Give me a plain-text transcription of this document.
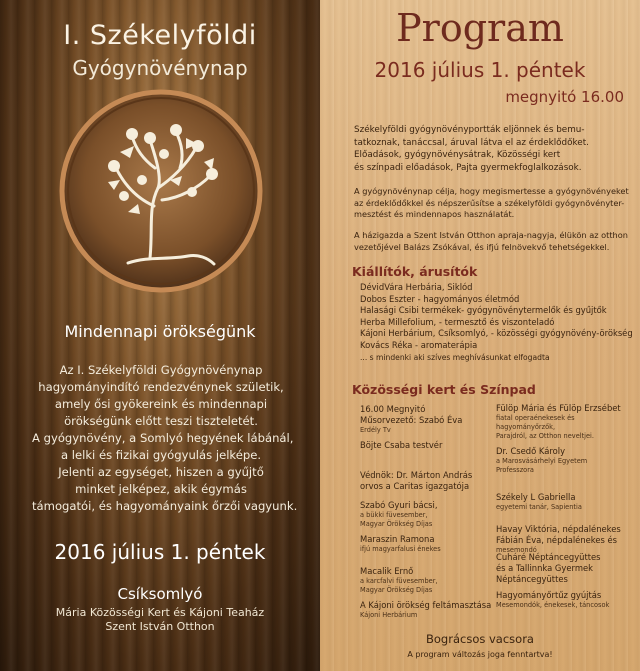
I. Székelyföldi
Gyógynövénynap
Mindennapi örökségünk
Az I. Székelyföldi Gyógynövénynap
hagyományindító rendezvénynek születik,
amely ősi gyökereink és mindennapi
örökségünk előtt teszi tiszteletét.
A gyógynövény, a Somlyó hegyének lábánál,
a lelki és fizikai gyógyulás jelképe.
Jelenti az egységet, hiszen a gyűjtő
minket jelképez, akik égymás
támogatói, és hagyományaink őrzői vagyunk.
2016 július 1. péntek
Csíksomlyó
Mária Közösségi Kert és Kájoni Teaház
Szent István Otthon
Program
2016 július 1. péntek
megnyitó 16.00
Székelyföldi gyógynövényportták eljönnek és bemu-
tatkoznak, tanáccsal, áruval látva el az érdeklődőket.
Előadások, gyógynövénysátrak, Közösségi kert
és színpadi előadások, Pajta gyermekfoglalkozások.
A gyógynövénynap célja, hogy megismertesse a gyógynövényeket
az érdeklődőkkel és népszerűsítse a székelyföldi gyógynövényter-
mesztést és mindennapos használatát.
A házigazda a Szent István Otthon apraja-nagyja, élükön az otthon
vezetőjével Balázs Zsókával, és ifjú felnövekvő tehetségekkel.
Kiállítók, árusítók
DévidVára Herbária, Siklód
Dobos Eszter - hagyományos életmód
Halasági Csibi termékek- gyógynövénytermelők és gyűjtők
Herba Millefolium, - termesztő és viszonteladó
Kájoni Herbárium, Csíksomlyó, - közösségi gyógynövény-örökség
Kovács Réka - aromaterápia
... s mindenki aki szíves meghívásunkat elfogadta
Közösségi kert és Színpad
16.00 Megnyitó
Műsorvezető: Szabó Éva
Erdély Tv
Böjte Csaba testvér
Védnök: Dr. Márton András
orvos a Caritas igazgatója
Szabó Gyuri bácsi,
a bükki füvesember,
Magyar Örökség Díjas
Maraszin Ramona
ifjú magyarfalusi énekes
Macalik Ernő
a karcfalvi füvesember,
Magyar Örökség Díjas
A Kájoni örökség feltámasztása
Kájoni Herbárium
Fülöp Mária és Fülöp Erzsébet
fiatal operaénekesek és
hagyományőrzők,
Parajdról, az Otthon neveltjei.
Dr. Csedő Károly
a Marosvásárhelyi Egyetem
Professzora
Székely L Gabriella
egyetemi tanár, Sapientia
Havay Viktória, népdalénekes
Fábián Éva, népdalénekes és
mesemondó
Cuháré Néptáncegyüttes
és a Tallinnka Gyermek
Néptáncegyüttes
Hagyományőrtűz gyújtás
Mesemondók, énekesek, táncosok
Bográcsos vacsora
A program változás joga fenntartva!
